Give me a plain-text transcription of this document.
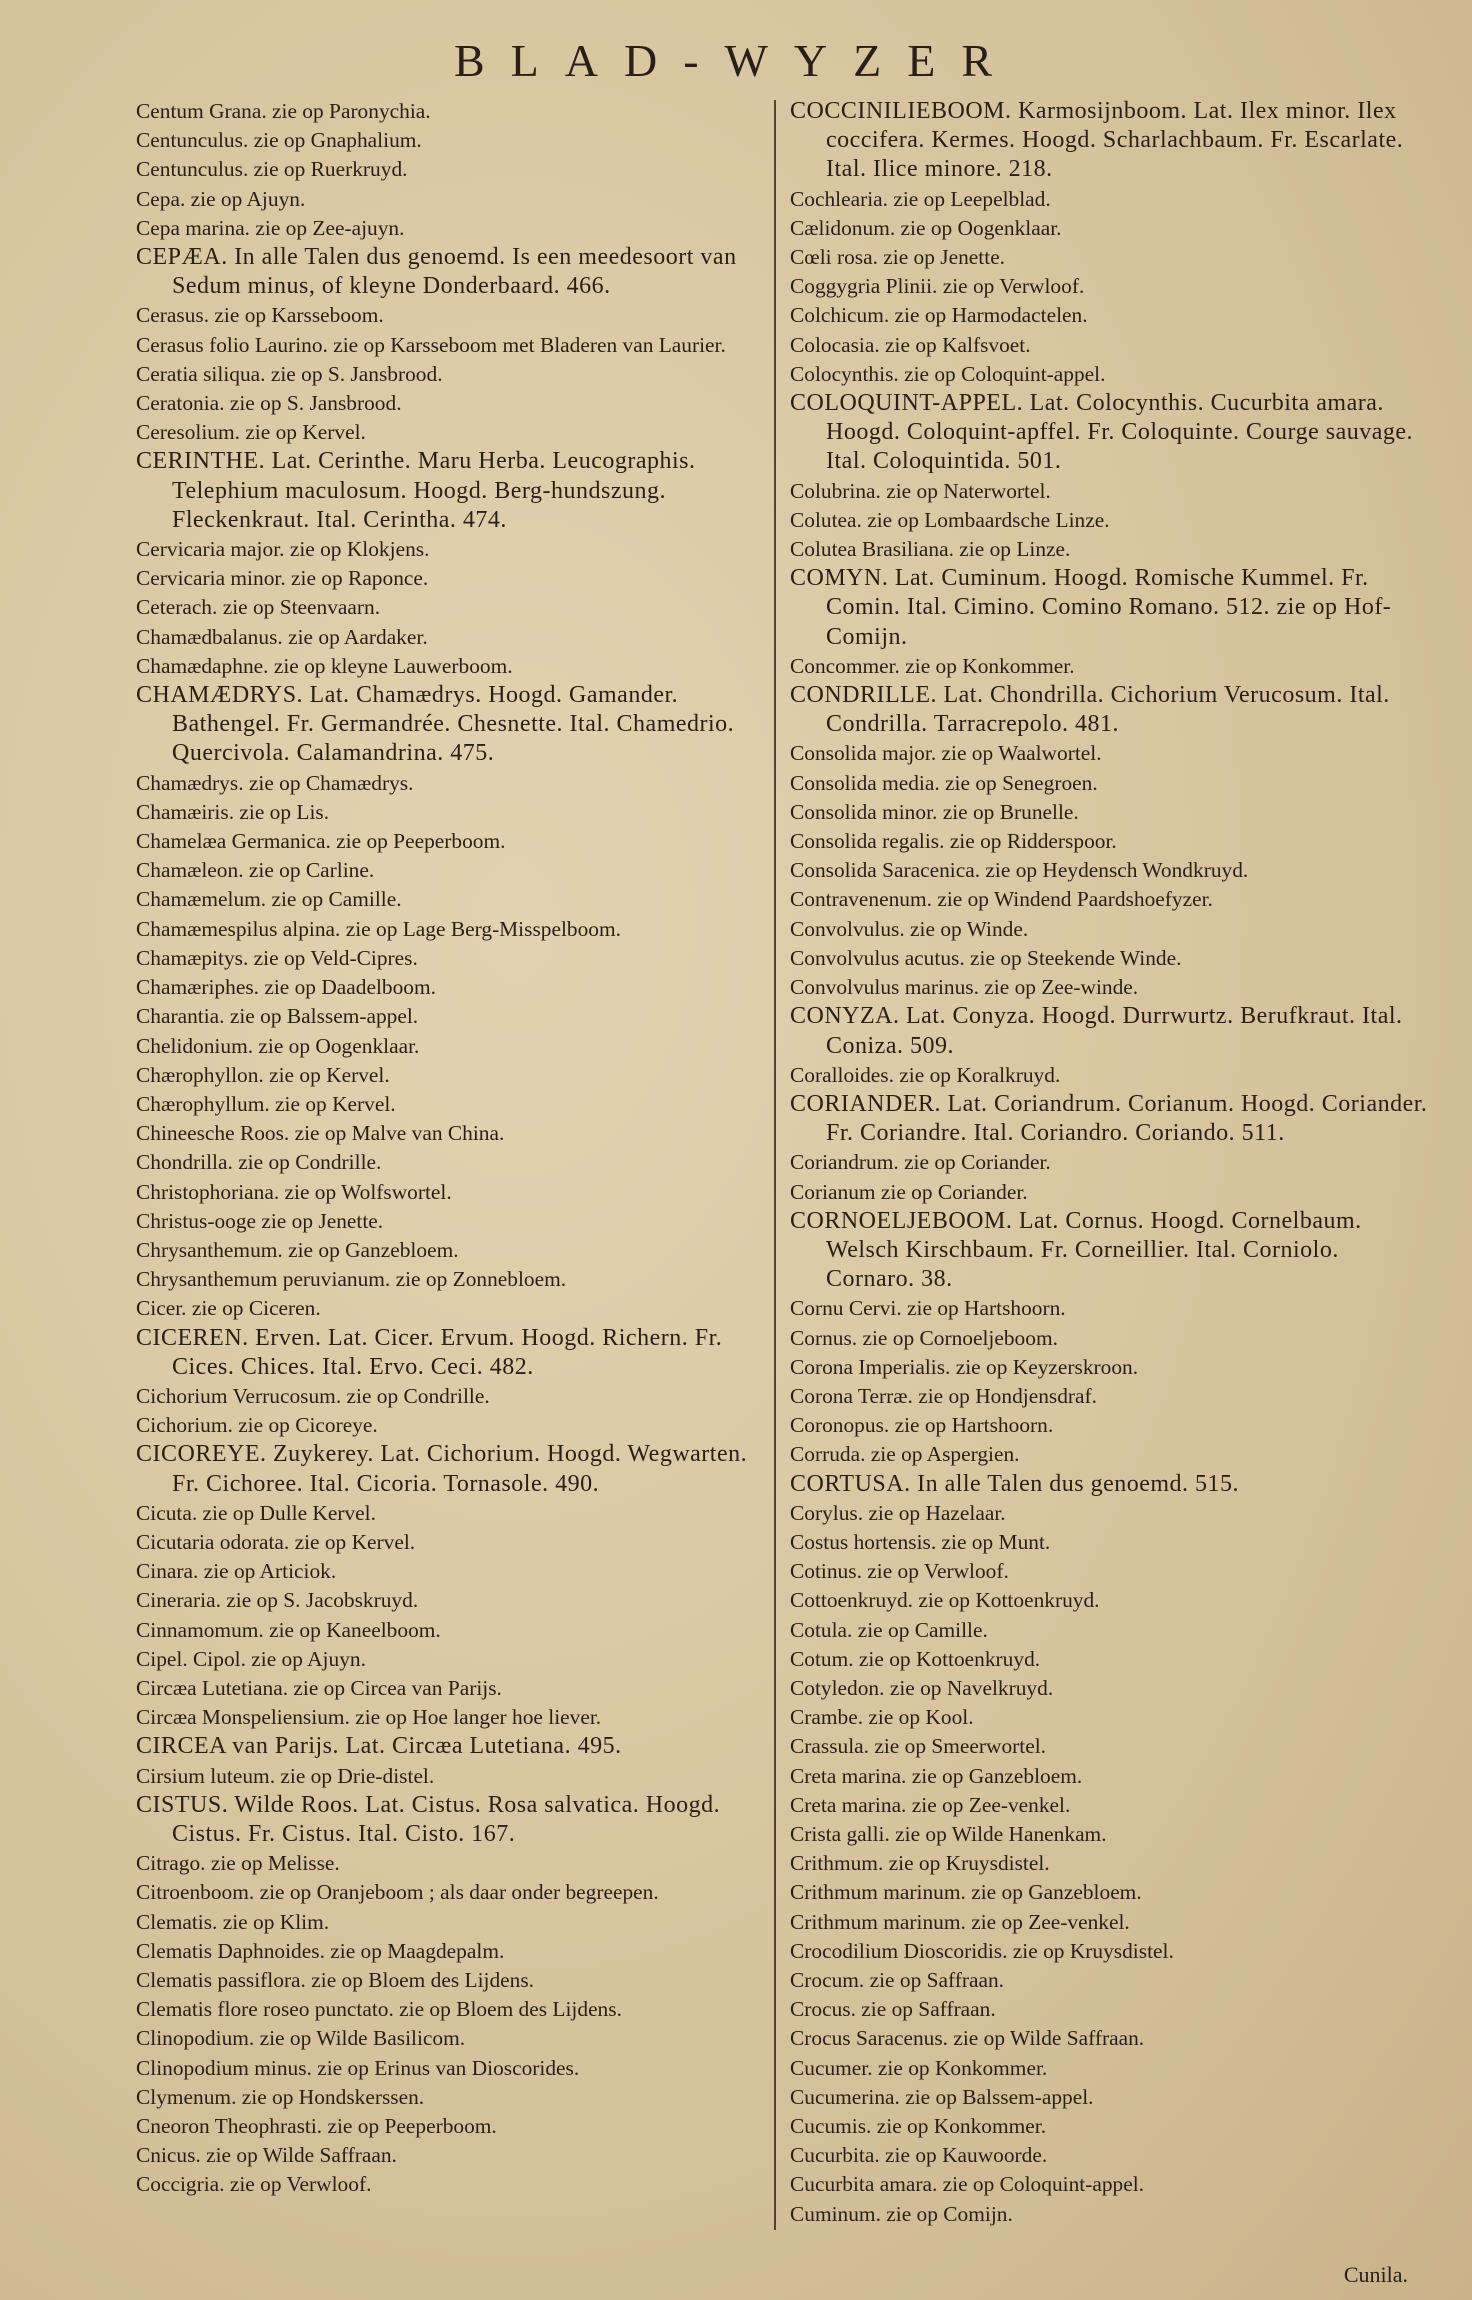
BLAD-WYZER
Centum Grana. zie op Paronychia.
Centunculus. zie op Gnaphalium.
Centunculus. zie op Ruerkruyd.
Cepa. zie op Ajuyn.
Cepa marina. zie op Zee-ajuyn.
CEPÆA. In alle Talen dus genoemd. Is een meedesoort van Sedum minus, of kleyne Donderbaard. 466.
Cerasus. zie op Karsseboom.
Cerasus folio Laurino. zie op Karsseboom met Bladeren van Laurier.
Ceratia siliqua. zie op S. Jansbrood.
Ceratonia. zie op S. Jansbrood.
Ceresolium. zie op Kervel.
CERINTHE. Lat. Cerinthe. Maru Herba. Leucographis. Telephium maculosum. Hoogd. Berg-hundszung. Fleckenkraut. Ital. Cerintha. 474.
Cervicaria major. zie op Klokjens.
Cervicaria minor. zie op Raponce.
Ceterach. zie op Steenvaarn.
Chamædbalanus. zie op Aardaker.
Chamædaphne. zie op kleyne Lauwerboom.
CHAMÆDRYS. Lat. Chamædrys. Hoogd. Gamander. Bathengel. Fr. Germandrée. Chesnette. Ital. Chamedrio. Quercivola. Calamandrina. 475.
Chamædrys. zie op Chamædrys.
Chamæiris. zie op Lis.
Chamelæa Germanica. zie op Peeperboom.
Chamæleon. zie op Carline.
Chamæmelum. zie op Camille.
Chamæmespilus alpina. zie op Lage Berg-Misspelboom.
Chamæpitys. zie op Veld-Cipres.
Chamæriphes. zie op Daadelboom.
Charantia. zie op Balssem-appel.
Chelidonium. zie op Oogenklaar.
Chærophyllon. zie op Kervel.
Chærophyllum. zie op Kervel.
Chineesche Roos. zie op Malve van China.
Chondrilla. zie op Condrille.
Christophoriana. zie op Wolfswortel.
Christus-ooge zie op Jenette.
Chrysanthemum. zie op Ganzebloem.
Chrysanthemum peruvianum. zie op Zonnebloem.
Cicer. zie op Ciceren.
CICEREN. Erven. Lat. Cicer. Ervum. Hoogd. Richern. Fr. Cices. Chices. Ital. Ervo. Ceci. 482.
Cichorium Verrucosum. zie op Condrille.
Cichorium. zie op Cicoreye.
CICOREYE. Zuykerey. Lat. Cichorium. Hoogd. Wegwarten. Fr. Cichoree. Ital. Cicoria. Tornasole. 490.
Cicuta. zie op Dulle Kervel.
Cicutaria odorata. zie op Kervel.
Cinara. zie op Articiok.
Cineraria. zie op S. Jacobskruyd.
Cinnamomum. zie op Kaneelboom.
Cipel. Cipol. zie op Ajuyn.
Circæa Lutetiana. zie op Circea van Parijs.
Circæa Monspeliensium. zie op Hoe langer hoe liever.
CIRCEA van Parijs. Lat. Circæa Lutetiana. 495.
Cirsium luteum. zie op Drie-distel.
CISTUS. Wilde Roos. Lat. Cistus. Rosa salvatica. Hoogd. Cistus. Fr. Cistus. Ital. Cisto. 167.
Citrago. zie op Melisse.
Citroenboom. zie op Oranjeboom ; als daar onder begreepen.
Clematis. zie op Klim.
Clematis Daphnoides. zie op Maagdepalm.
Clematis passiflora. zie op Bloem des Lijdens.
Clematis flore roseo punctato. zie op Bloem des Lijdens.
Clinopodium. zie op Wilde Basilicom.
Clinopodium minus. zie op Erinus van Dioscorides.
Clymenum. zie op Hondskerssen.
Cneoron Theophrasti. zie op Peeperboom.
Cnicus. zie op Wilde Saffraan.
Coccigria. zie op Verwloof.
COCCINILIEBOOM. Karmosijnboom. Lat. Ilex minor. Ilex coccifera. Kermes. Hoogd. Scharlachbaum. Fr. Escarlate. Ital. Ilice minore. 218.
Cochlearia. zie op Leepelblad.
Cælidonum. zie op Oogenklaar.
Cœli rosa. zie op Jenette.
Coggygria Plinii. zie op Verwloof.
Colchicum. zie op Harmodactelen.
Colocasia. zie op Kalfsvoet.
Colocynthis. zie op Coloquint-appel.
COLOQUINT-APPEL. Lat. Colocynthis. Cucurbita amara. Hoogd. Coloquint-apffel. Fr. Coloquinte. Courge sauvage. Ital. Coloquintida. 501.
Colubrina. zie op Naterwortel.
Colutea. zie op Lombaardsche Linze.
Colutea Brasiliana. zie op Linze.
COMYN. Lat. Cuminum. Hoogd. Romische Kummel. Fr. Comin. Ital. Cimino. Comino Romano. 512. zie op Hof-Comijn.
Concommer. zie op Konkommer.
CONDRILLE. Lat. Chondrilla. Cichorium Verucosum. Ital. Condrilla. Tarracrepolo. 481.
Consolida major. zie op Waalwortel.
Consolida media. zie op Senegroen.
Consolida minor. zie op Brunelle.
Consolida regalis. zie op Ridderspoor.
Consolida Saracenica. zie op Heydensch Wondkruyd.
Contravenenum. zie op Windend Paardshoefyzer.
Convolvulus. zie op Winde.
Convolvulus acutus. zie op Steekende Winde.
Convolvulus marinus. zie op Zee-winde.
CONYZA. Lat. Conyza. Hoogd. Durrwurtz. Berufkraut. Ital. Coniza. 509.
Coralloides. zie op Koralkruyd.
CORIANDER. Lat. Coriandrum. Corianum. Hoogd. Coriander. Fr. Coriandre. Ital. Coriandro. Coriando. 511.
Coriandrum. zie op Coriander.
Corianum zie op Coriander.
CORNOELJEBOOM. Lat. Cornus. Hoogd. Cornelbaum. Welsch Kirschbaum. Fr. Corneillier. Ital. Corniolo. Cornaro. 38.
Cornu Cervi. zie op Hartshoorn.
Cornus. zie op Cornoeljeboom.
Corona Imperialis. zie op Keyzerskroon.
Corona Terræ. zie op Hondjensdraf.
Coronopus. zie op Hartshoorn.
Corruda. zie op Aspergien.
CORTUSA. In alle Talen dus genoemd. 515.
Corylus. zie op Hazelaar.
Costus hortensis. zie op Munt.
Cotinus. zie op Verwloof.
Cottoenkruyd. zie op Kottoenkruyd.
Cotula. zie op Camille.
Cotum. zie op Kottoenkruyd.
Cotyledon. zie op Navelkruyd.
Crambe. zie op Kool.
Crassula. zie op Smeerwortel.
Creta marina. zie op Ganzebloem.
Creta marina. zie op Zee-venkel.
Crista galli. zie op Wilde Hanenkam.
Crithmum. zie op Kruysdistel.
Crithmum marinum. zie op Ganzebloem.
Crithmum marinum. zie op Zee-venkel.
Crocodilium Dioscoridis. zie op Kruysdistel.
Crocum. zie op Saffraan.
Crocus. zie op Saffraan.
Crocus Saracenus. zie op Wilde Saffraan.
Cucumer. zie op Konkommer.
Cucumerina. zie op Balssem-appel.
Cucumis. zie op Konkommer.
Cucurbita. zie op Kauwoorde.
Cucurbita amara. zie op Coloquint-appel.
Cuminum. zie op Comijn.
Cunila.
